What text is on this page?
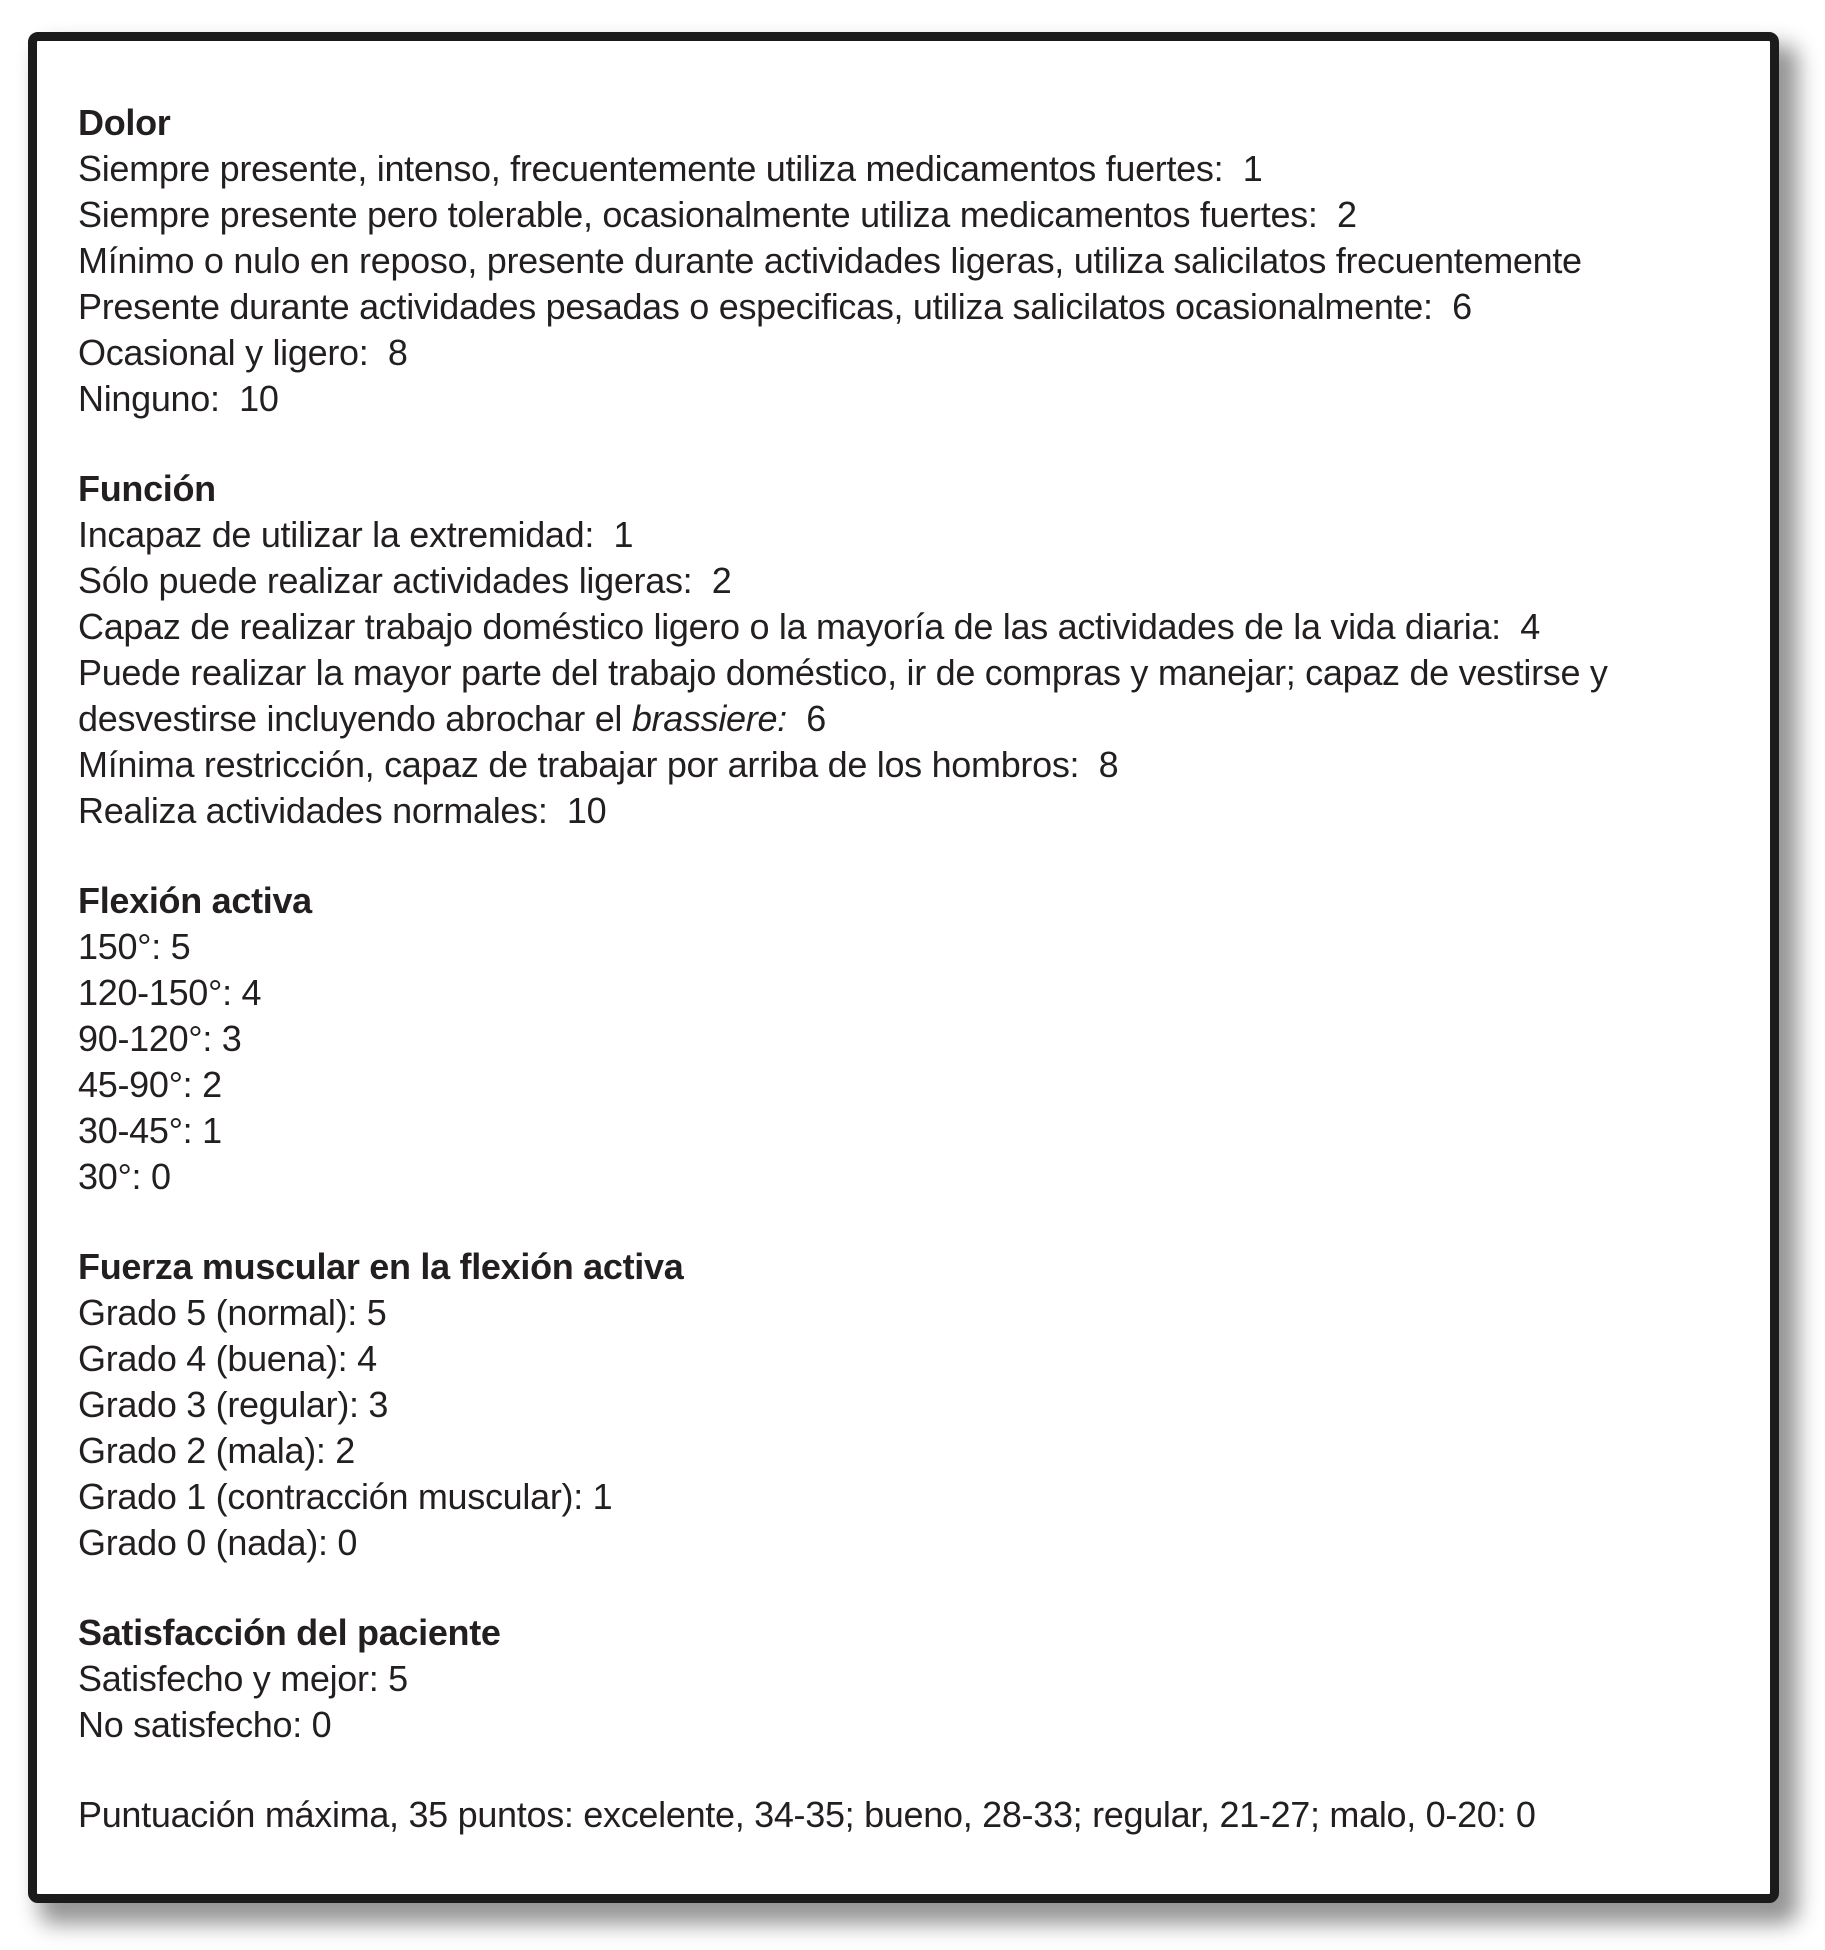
Dolor
Siempre presente, intenso, frecuentemente utiliza medicamentos fuertes:  1
Siempre presente pero tolerable, ocasionalmente utiliza medicamentos fuertes:  2
Mínimo o nulo en reposo, presente durante actividades ligeras, utiliza salicilatos frecuentemente
Presente durante actividades pesadas o especificas, utiliza salicilatos ocasionalmente:  6
Ocasional y ligero:  8
Ninguno:  10
Función
Incapaz de utilizar la extremidad:  1
Sólo puede realizar actividades ligeras:  2
Capaz de realizar trabajo doméstico ligero o la mayoría de las actividades de la vida diaria:  4
Puede realizar la mayor parte del trabajo doméstico, ir de compras y manejar; capaz de vestirse y desvestirse incluyendo abrochar el brassiere:  6
Mínima restricción, capaz de trabajar por arriba de los hombros:  8
Realiza actividades normales:  10
Flexión activa
150°: 5
120-150°: 4
90-120°: 3
45-90°: 2
30-45°: 1
30°: 0
Fuerza muscular en la flexión activa
Grado 5 (normal): 5
Grado 4 (buena): 4
Grado 3 (regular): 3
Grado 2 (mala): 2
Grado 1 (contracción muscular): 1
Grado 0 (nada): 0
Satisfacción del paciente
Satisfecho y mejor: 5
No satisfecho: 0
Puntuación máxima, 35 puntos: excelente, 34-35; bueno, 28-33; regular, 21-27; malo, 0-20: 0
